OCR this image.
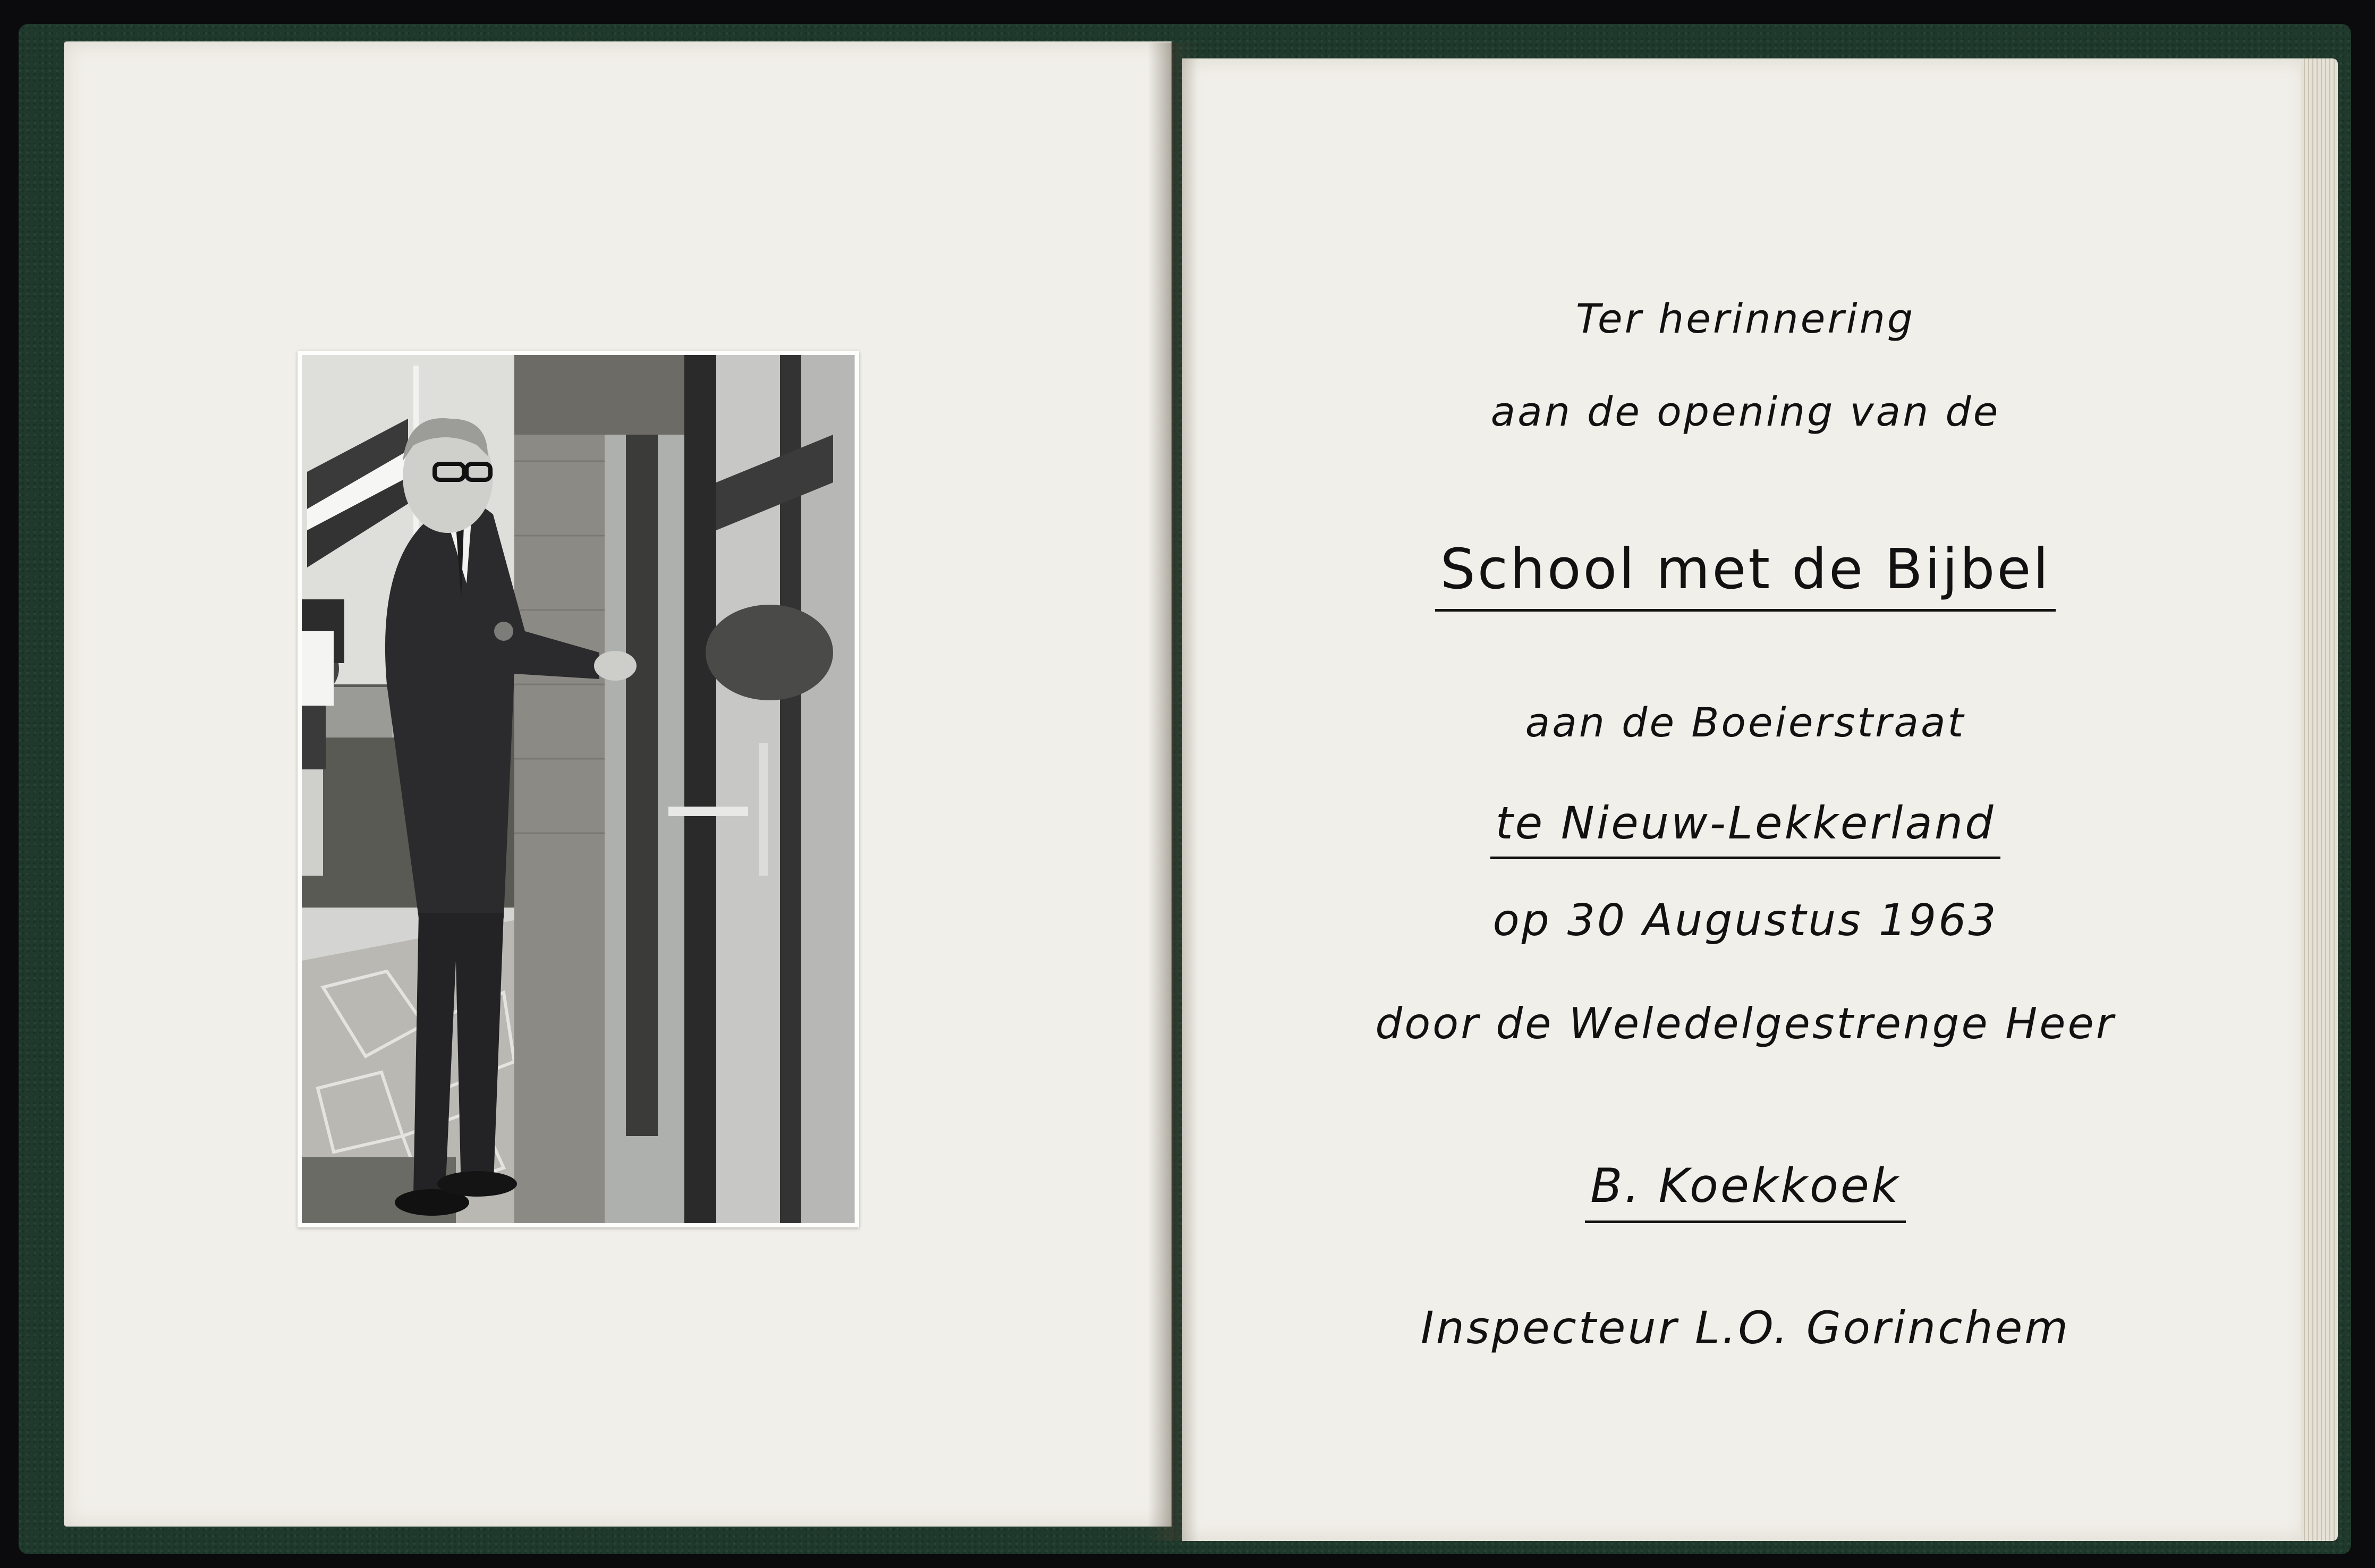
Ter herinnering
aan de opening van de
School met de Bijbel
aan de Boeierstraat
te Nieuw-Lekkerland
op 30 Augustus 1963
door de Weledelgestrenge Heer
B. Koekkoek
Inspecteur L.O. Gorinchem
